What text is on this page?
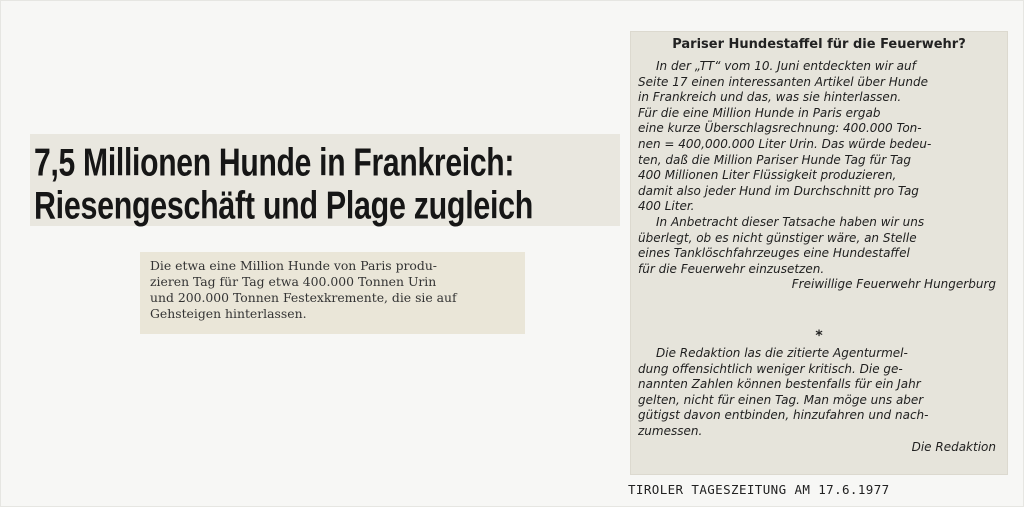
7,5 Millionen Hunde in Frankreich:
Riesengeschäft und Plage zugleich
Die etwa eine Million Hunde von Paris produ-
zieren Tag für Tag etwa 400.000 Tonnen Urin
und 200.000 Tonnen Festexkremente, die sie auf
Gehsteigen hinterlassen.
Pariser Hundestaffel für die Feuerwehr?
In der „TT“ vom 10. Juni entdeckten wir auf
Seite 17 einen interessanten Artikel über Hunde
in Frankreich und das, was sie hinterlassen.
Für die eine Million Hunde in Paris ergab
eine kurze Überschlagsrechnung: 400.000 Ton-
nen = 400,000.000 Liter Urin. Das würde bedeu-
ten, daß die Million Pariser Hunde Tag für Tag
400 Millionen Liter Flüssigkeit produzieren,
damit also jeder Hund im Durchschnitt pro Tag
400 Liter.
In Anbetracht dieser Tatsache haben wir uns
überlegt, ob es nicht günstiger wäre, an Stelle
eines Tanklöschfahrzeuges eine Hundestaffel
für die Feuerwehr einzusetzen.
Freiwillige Feuerwehr Hungerburg
*
Die Redaktion las die zitierte Agenturmel-
dung offensichtlich weniger kritisch. Die ge-
nannten Zahlen können bestenfalls für ein Jahr
gelten, nicht für einen Tag. Man möge uns aber
gütigst davon entbinden, hinzufahren und nach-
zumessen.
Die Redaktion
TIROLER TAGESZEITUNG AM 17.6.1977
